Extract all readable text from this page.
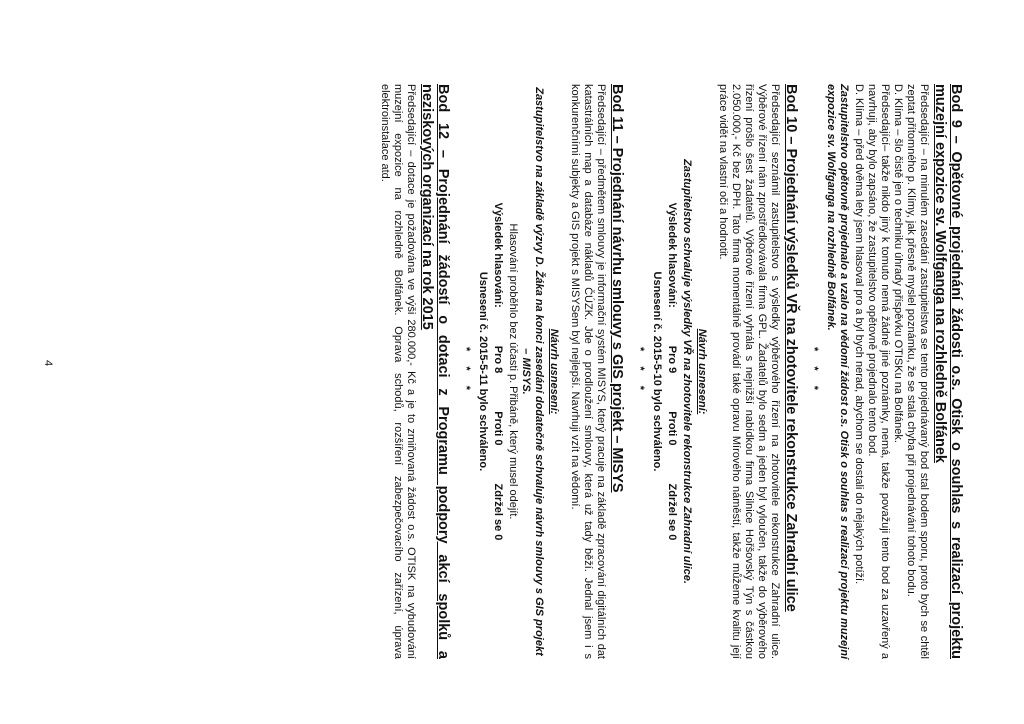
Bod 9 – Opětovné projednání žádosti o.s. Otisk o souhlas s realizací projektu muzejní expozice sv. Wolfganga na rozhledně Bolfánek

Předsedající – na minulém zasedání zastupitelstva se tento projednávaný bod stal bodem sporu, proto bych se chtěl zeptat přítomného p. Klímy, jak přesně myslel poznámku, že se stala chyba při projednávání tohoto bodu.

D. Klíma – šlo čistě jen o techniku úhrady příspěvku OTISKu na Bolfánek.

Předsedající– takže nikdo jiný k tomuto nemá žádné jiné poznámky, nemá, takže považuji tento bod za uzavřený a navrhuji, aby bylo zapsáno, že zastupitelstvo opětovně projednalo tento bod.

D. Klíma – před dvěma lety jsem hlasoval pro a byl bych nerad, abychom se dostali do nějakých potíží.

Zastupitelstvo opětovně projednalo a vzalo na vědomí žádost o.s. Otisk o souhlas s realizací projektu muzejní expozice sv. Wolfganga na rozhledně Bolfánek.

* * *
Bod 10 – Projednání výsledků VŘ na zhotovitele rekonstrukce Zahradní ulice

Předsedající seznámil zastupitelstvo s výsledky výběrového řízení na zhotovitele rekonstrukce Zahradní ulice. Výběrové řízení nám zprostředkovávala firma GPL. Žadatelů bylo sedm a jeden byl vyloučen, takže do výběrového řízení prošlo šest žadatelů. Výběrové řízení vyhrála s nejnižší nabídkou firma Silnice Hořšovský Týn s částkou 2.050.000,- Kč bez DPH. Tato firma momentálně provádí také opravu Mírového náměstí, takže můžeme kvalitu její práce vidět na vlastní oči a hodnotit.

Návrh usnesení:

Zastupitelstvo schvaluje výsledky VŘ na zhotovitele rekonstrukce Zahradní ulice.

Výsledek hlasování:
Pro 9
Proti 0
Zdržel se 0
Usnesení č. 2015-5-10 bylo schváleno.
* * *
Bod 11 – Projednání návrhu smlouvy s GIS projekt – MISYS

Předsedající – předmětem smlouvy je informační systém MISYS, který pracuje na základě zpracování digitálních dat katastrálních map a databáze nákladů ČÚZK. Jde o prodloužení smlouvy, která už tady běží. Jednal jsem i s konkurenčními subjekty a GIS projekt s MISYSem byl nejlepší. Navrhuji vzít na vědomí.

Návrh usnesení:

Zastupitelstvo na základě výzvy D. Žáka na konci zasedání dodatečně schvaluje návrh smlouvy s GIS projekt – MISYS.

Hlasování proběhlo bez účasti p. Přibáně, který musel odejít.

Výsledek hlasování:
Pro 8
Proti 0
Zdržel se 0
Usnesení č. 2015-5-11 bylo schváleno.
* * *
Bod 12 – Projednání žádostí o dotaci z Programu podpory akcí spolků a neziskových organizací na rok 2015

Předsedající – dotace je požadována ve výši 280.000,- Kč a je to zmiňovaná žádost o.s. OTISK na vybudování muzejní expozice na rozhledně Bolfánek. Oprava schodů, rozšíření zabezpečovacího zařízení, úprava elektroinstalace atd.

4
